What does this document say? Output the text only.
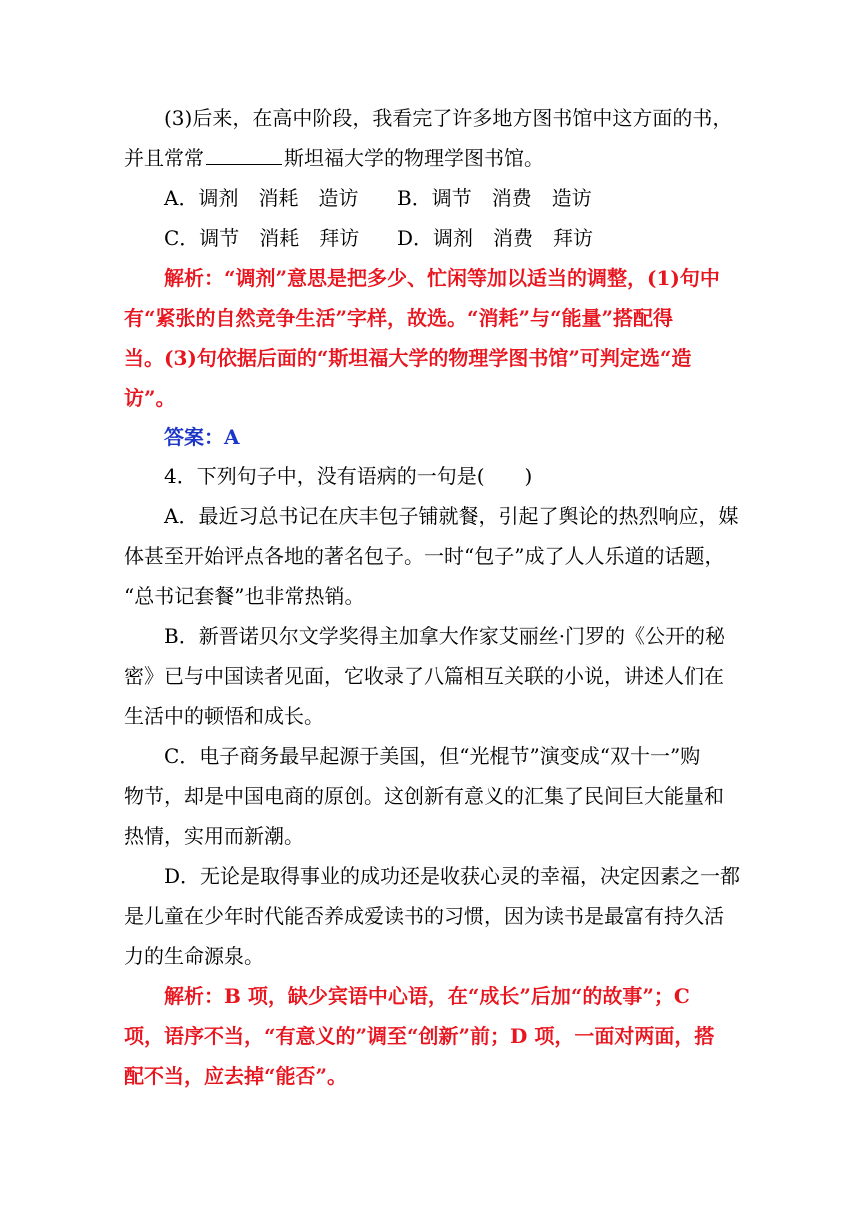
(3)后来，在高中阶段，我看完了许多地方图书馆中这方面的书，
并且常常	斯坦福大学的物理学图书馆。
A．调剂　消耗　造访 B．调节　消费　造访
C．调节　消耗　拜访 D．调剂　消费　拜访
解析：“调剂”意思是把多少、忙闲等加以适当的调整，(1)句中
有“紧张的自然竞争生活”字样，故选。“消耗”与“能量”搭配得
当。(3)句依据后面的“斯坦福大学的物理学图书馆”可判定选“造
访”。
答案：A
4．下列句子中，没有语病的一句是(　　)
A．最近习总书记在庆丰包子铺就餐，引起了舆论的热烈响应，媒
体甚至开始评点各地的著名包子。一时“包子”成了人人乐道的话题，
“总书记套餐”也非常热销。
B．新晋诺贝尔文学奖得主加拿大作家艾丽丝·门罗的《公开的秘
密》已与中国读者见面，它收录了八篇相互关联的小说，讲述人们在
生活中的顿悟和成长。
C．电子商务最早起源于美国，但“光棍节”演变成“双十一”购
物节，却是中国电商的原创。这创新有意义的汇集了民间巨大能量和
热情，实用而新潮。
D．无论是取得事业的成功还是收获心灵的幸福，决定因素之一都
是儿童在少年时代能否养成爱读书的习惯，因为读书是最富有持久活
力的生命源泉。
解析：B 项，缺少宾语中心语，在“成长”后加“的故事”；C
项，语序不当，“有意义的”调至“创新”前；D 项，一面对两面，搭
配不当，应去掉“能否”。
